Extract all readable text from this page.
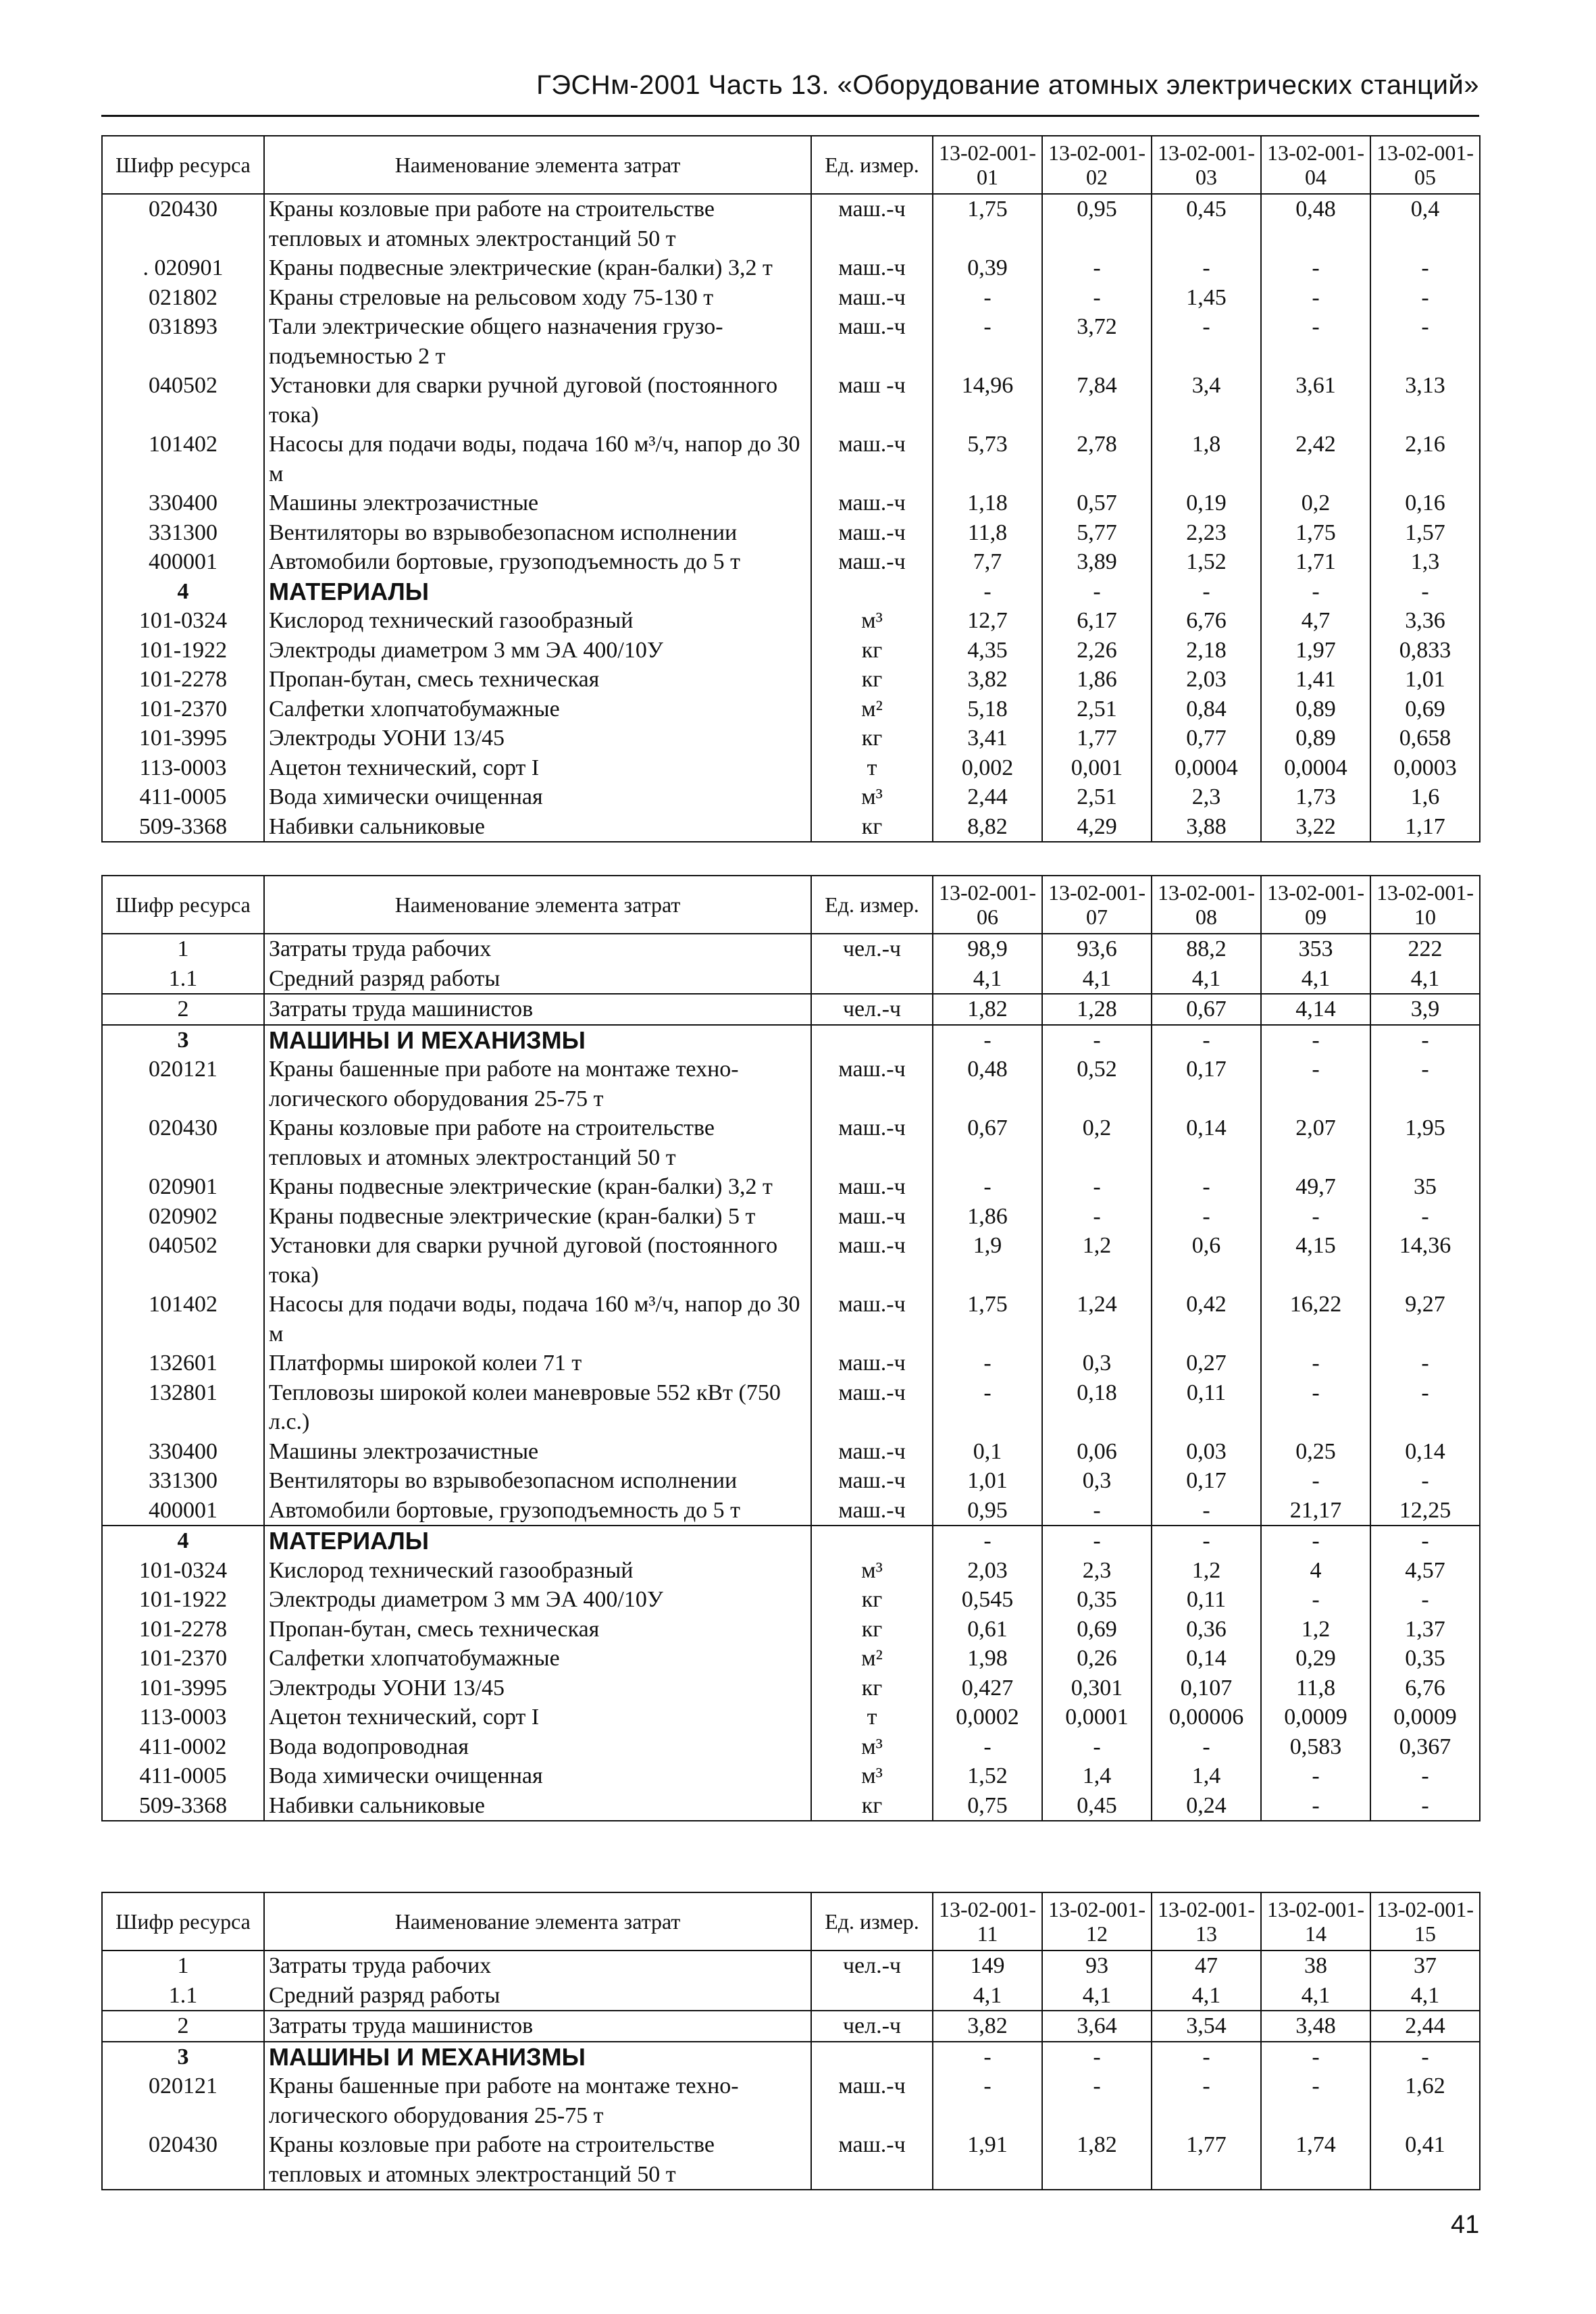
ГЭСНм-2001 Часть 13. «Оборудование атомных электрических станций»
Шифр ресурса	Наименование элемента затрат	Ед. измер.	13-02-001-01	13-02-001-02	13-02-001-03	13-02-001-04	13-02-001-05
020430	Краны козловые при работе на строительстве тепловых и атомных электростанций 50 т	маш.-ч	1,75	0,95	0,45	0,48	0,4
. 020901	Краны подвесные электрические (кран-балки) 3,2 т	маш.-ч	0,39	-	-	-	-
021802	Краны стреловые на рельсовом ходу 75-130 т	маш.-ч	-	-	1,45	-	-
031893	Тали электрические общего назначения грузо-подъемностью 2 т	маш.-ч	-	3,72	-	-	-
040502	Установки для сварки ручной дуговой (постоянного тока)	маш -ч	14,96	7,84	3,4	3,61	3,13
101402	Насосы для подачи воды, подача 160 м³/ч, напор до 30 м	маш.-ч	5,73	2,78	1,8	2,42	2,16
330400	Машины электрозачистные	маш.-ч	1,18	0,57	0,19	0,2	0,16
331300	Вентиляторы во взрывобезопасном исполнении	маш.-ч	11,8	5,77	2,23	1,75	1,57
400001	Автомобили бортовые, грузоподъемность до 5 т	маш.-ч	7,7	3,89	1,52	1,71	1,3
4	МАТЕРИАЛЫ		-	-	-	-	-
101-0324	Кислород технический газообразный	м³	12,7	6,17	6,76	4,7	3,36
101-1922	Электроды диаметром 3 мм ЭА 400/10У	кг	4,35	2,26	2,18	1,97	0,833
101-2278	Пропан-бутан, смесь техническая	кг	3,82	1,86	2,03	1,41	1,01
101-2370	Салфетки хлопчатобумажные	м²	5,18	2,51	0,84	0,89	0,69
101-3995	Электроды УОНИ 13/45	кг	3,41	1,77	0,77	0,89	0,658
113-0003	Ацетон технический, сорт I	т	0,002	0,001	0,0004	0,0004	0,0003
411-0005	Вода химически очищенная	м³	2,44	2,51	2,3	1,73	1,6
509-3368	Набивки сальниковые	кг	8,82	4,29	3,88	3,22	1,17
Шифр ресурса	Наименование элемента затрат	Ед. измер.	13-02-001-06	13-02-001-07	13-02-001-08	13-02-001-09	13-02-001-10
1	Затраты труда рабочих	чел.-ч	98,9	93,6	88,2	353	222
1.1	Средний разряд работы		4,1	4,1	4,1	4,1	4,1
2	Затраты труда машинистов	чел.-ч	1,82	1,28	0,67	4,14	3,9
3	МАШИНЫ И МЕХАНИЗМЫ		-	-	-	-	-
020121	Краны башенные при работе на монтаже техно-логического оборудования 25-75 т	маш.-ч	0,48	0,52	0,17	-	-
020430	Краны козловые при работе на строительстве тепловых и атомных электростанций 50 т	маш.-ч	0,67	0,2	0,14	2,07	1,95
020901	Краны подвесные электрические (кран-балки) 3,2 т	маш.-ч	-	-	-	49,7	35
020902	Краны подвесные электрические (кран-балки) 5 т	маш.-ч	1,86	-	-	-	-
040502	Установки для сварки ручной дуговой (постоянного тока)	маш.-ч	1,9	1,2	0,6	4,15	14,36
101402	Насосы для подачи воды, подача 160 м³/ч, напор до 30 м	маш.-ч	1,75	1,24	0,42	16,22	9,27
132601	Платформы широкой колеи 71 т	маш.-ч	-	0,3	0,27	-	-
132801	Тепловозы широкой колеи маневровые 552 кВт (750 л.с.)	маш.-ч	-	0,18	0,11	-	-
330400	Машины электрозачистные	маш.-ч	0,1	0,06	0,03	0,25	0,14
331300	Вентиляторы во взрывобезопасном исполнении	маш.-ч	1,01	0,3	0,17	-	-
400001	Автомобили бортовые, грузоподъемность до 5 т	маш.-ч	0,95	-	-	21,17	12,25
4	МАТЕРИАЛЫ		-	-	-	-	-
101-0324	Кислород технический газообразный	м³	2,03	2,3	1,2	4	4,57
101-1922	Электроды диаметром 3 мм ЭА 400/10У	кг	0,545	0,35	0,11	-	-
101-2278	Пропан-бутан, смесь техническая	кг	0,61	0,69	0,36	1,2	1,37
101-2370	Салфетки хлопчатобумажные	м²	1,98	0,26	0,14	0,29	0,35
101-3995	Электроды УОНИ 13/45	кг	0,427	0,301	0,107	11,8	6,76
113-0003	Ацетон технический, сорт I	т	0,0002	0,0001	0,00006	0,0009	0,0009
411-0002	Вода водопроводная	м³	-	-	-	0,583	0,367
411-0005	Вода химически очищенная	м³	1,52	1,4	1,4	-	-
509-3368	Набивки сальниковые	кг	0,75	0,45	0,24	-	-
Шифр ресурса	Наименование элемента затрат	Ед. измер.	13-02-001-11	13-02-001-12	13-02-001-13	13-02-001-14	13-02-001-15
1	Затраты труда рабочих	чел.-ч	149	93	47	38	37
1.1	Средний разряд работы		4,1	4,1	4,1	4,1	4,1
2	Затраты труда машинистов	чел.-ч	3,82	3,64	3,54	3,48	2,44
3	МАШИНЫ И МЕХАНИЗМЫ		-	-	-	-	-
020121	Краны башенные при работе на монтаже техно-логического оборудования 25-75 т	маш.-ч	-	-	-	-	1,62
020430	Краны козловые при работе на строительстве тепловых и атомных электростанций 50 т	маш.-ч	1,91	1,82	1,77	1,74	0,41
41
